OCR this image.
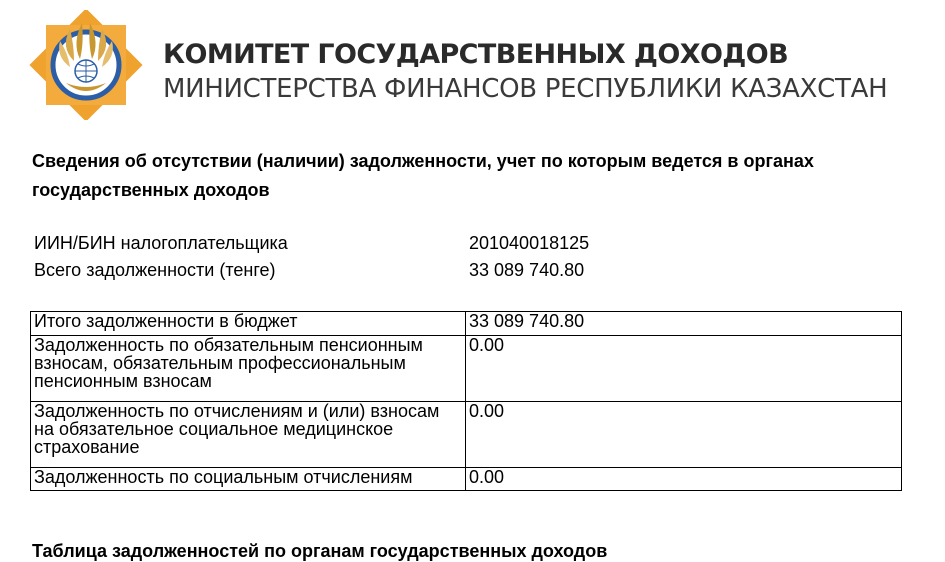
КОМИТЕТ ГОСУДАРСТВЕННЫХ ДОХОДОВ
МИНИСТЕРСТВА ФИНАНСОВ РЕСПУБЛИКИ КАЗАХСТАН
Сведения об отсутствии (наличии) задолженности, учет по которым ведется в органах государственных доходов
ИИН/БИН налогоплательщика	201040018125
Всего задолженности (тенге)	33 089 740.80
Итого задолженности в бюджет	33 089 740.80
Задолженность по обязательным пенсионным взносам, обязательным профессиональным пенсионным взносам	0.00
Задолженность по отчислениям и (или) взносам на обязательное социальное медицинское страхование	0.00
Задолженность по социальным отчислениям	0.00
Таблица задолженностей по органам государственных доходов
